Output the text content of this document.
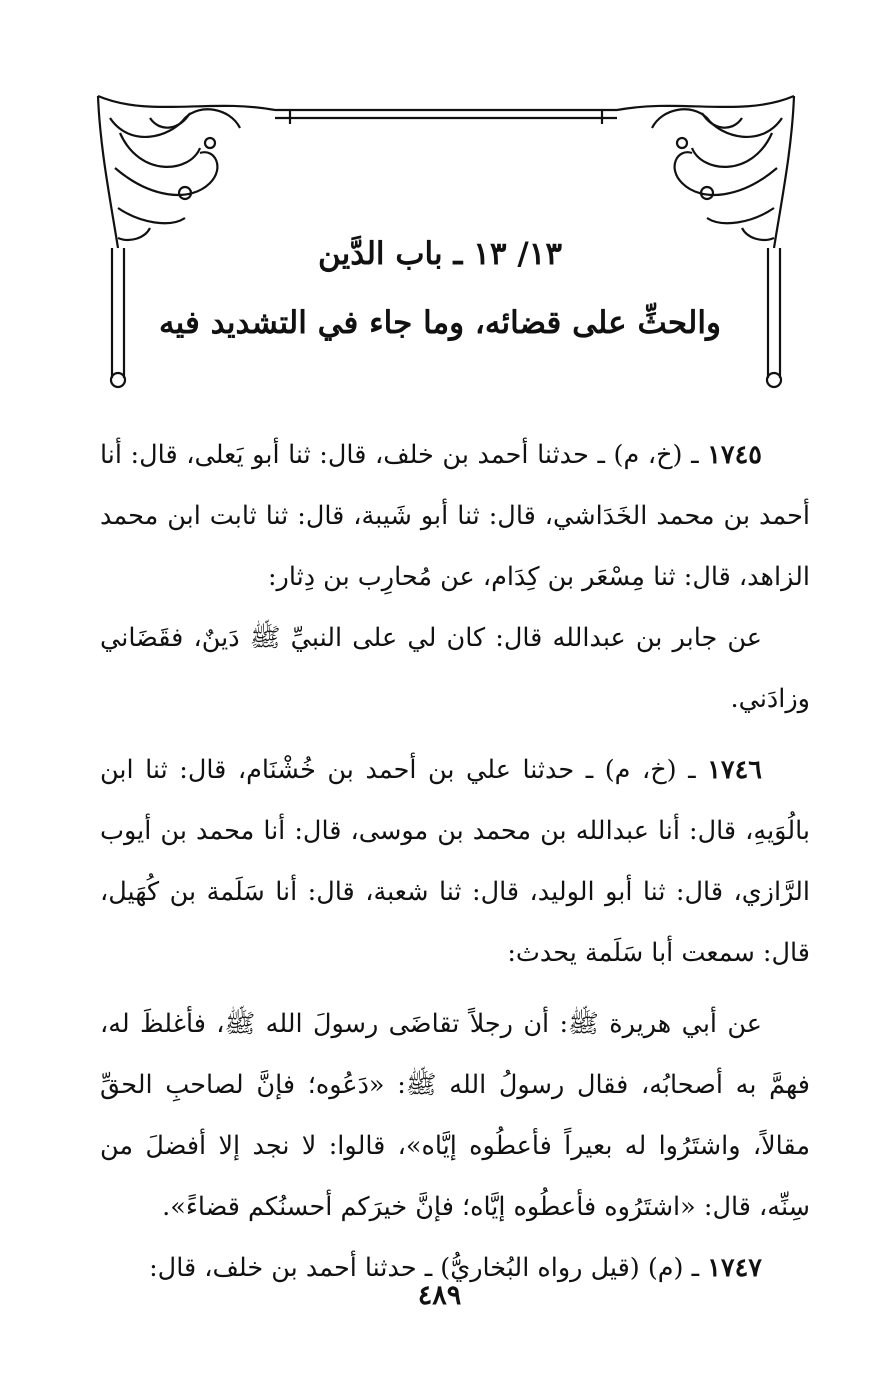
١٣/ ١٣ ـ باب الدَّين
والحثِّ على قضائه، وما جاء في التشديد فيه

١٧٤٥ ـ (خ، م) ـ حدثنا أحمد بن خلف، قال: ثنا أبو يَعلى، قال: أنا أحمد بن محمد الخَدَاشي، قال: ثنا أبو شَيبة، قال: ثنا ثابت ابن محمد الزاهد، قال: ثنا مِسْعَر بن كِدَام، عن مُحارِب بن دِثار:

عن جابر بن عبدالله قال: كان لي على النبيِّ ﷺ دَينٌ، فقَضَاني وزادَني.

١٧٤٦ ـ (خ، م) ـ حدثنا علي بن أحمد بن خُشْنَام، قال: ثنا ابن بالُوَيهِ، قال: أنا عبدالله بن محمد بن موسى، قال: أنا محمد بن أيوب الرَّازي، قال: ثنا أبو الوليد، قال: ثنا شعبة، قال: أنا سَلَمة بن كُهَيل، قال: سمعت أبا سَلَمة يحدث:

عن أبي هريرة ﷺ: أن رجلاً تقاضَى رسولَ الله ﷺ، فأغلظَ له، فهمَّ به أصحابُه، فقال رسولُ الله ﷺ: «دَعُوه؛ فإنَّ لصاحبِ الحقِّ مقالاً، واشتَرُوا له بعيراً فأعطُوه إيَّاه»، قالوا: لا نجد إلا أفضلَ من سِنِّه، قال: «اشتَرُوه فأعطُوه إيَّاه؛ فإنَّ خيرَكم أحسنُكم قضاءً».

١٧٤٧ ـ (م) (قيل رواه البُخاريُّ) ـ حدثنا أحمد بن خلف، قال:

٤٨٩
